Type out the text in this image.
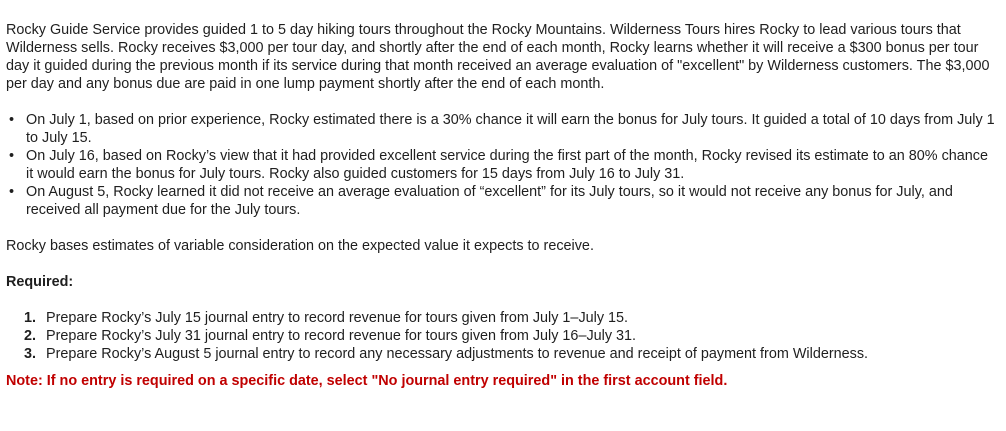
Rocky Guide Service provides guided 1 to 5 day hiking tours throughout the Rocky Mountains. Wilderness Tours hires Rocky to lead various tours that Wilderness sells. Rocky receives $3,000 per tour day, and shortly after the end of each month, Rocky learns whether it will receive a $300 bonus per tour day it guided during the previous month if its service during that month received an average evaluation of "excellent" by Wilderness customers. The $3,000 per day and any bonus due are paid in one lump payment shortly after the end of each month.

• On July 1, based on prior experience, Rocky estimated there is a 30% chance it will earn the bonus for July tours. It guided a total of 10 days from July 1 to July 15.
• On July 16, based on Rocky’s view that it had provided excellent service during the first part of the month, Rocky revised its estimate to an 80% chance it would earn the bonus for July tours. Rocky also guided customers for 15 days from July 16 to July 31.
• On August 5, Rocky learned it did not receive an average evaluation of “excellent” for its July tours, so it would not receive any bonus for July, and received all payment due for the July tours.

Rocky bases estimates of variable consideration on the expected value it expects to receive.

Required:

1. Prepare Rocky’s July 15 journal entry to record revenue for tours given from July 1–July 15.
2. Prepare Rocky’s July 31 journal entry to record revenue for tours given from July 16–July 31.
3. Prepare Rocky’s August 5 journal entry to record any necessary adjustments to revenue and receipt of payment from Wilderness.

Note: If no entry is required on a specific date, select "No journal entry required" in the first account field.
